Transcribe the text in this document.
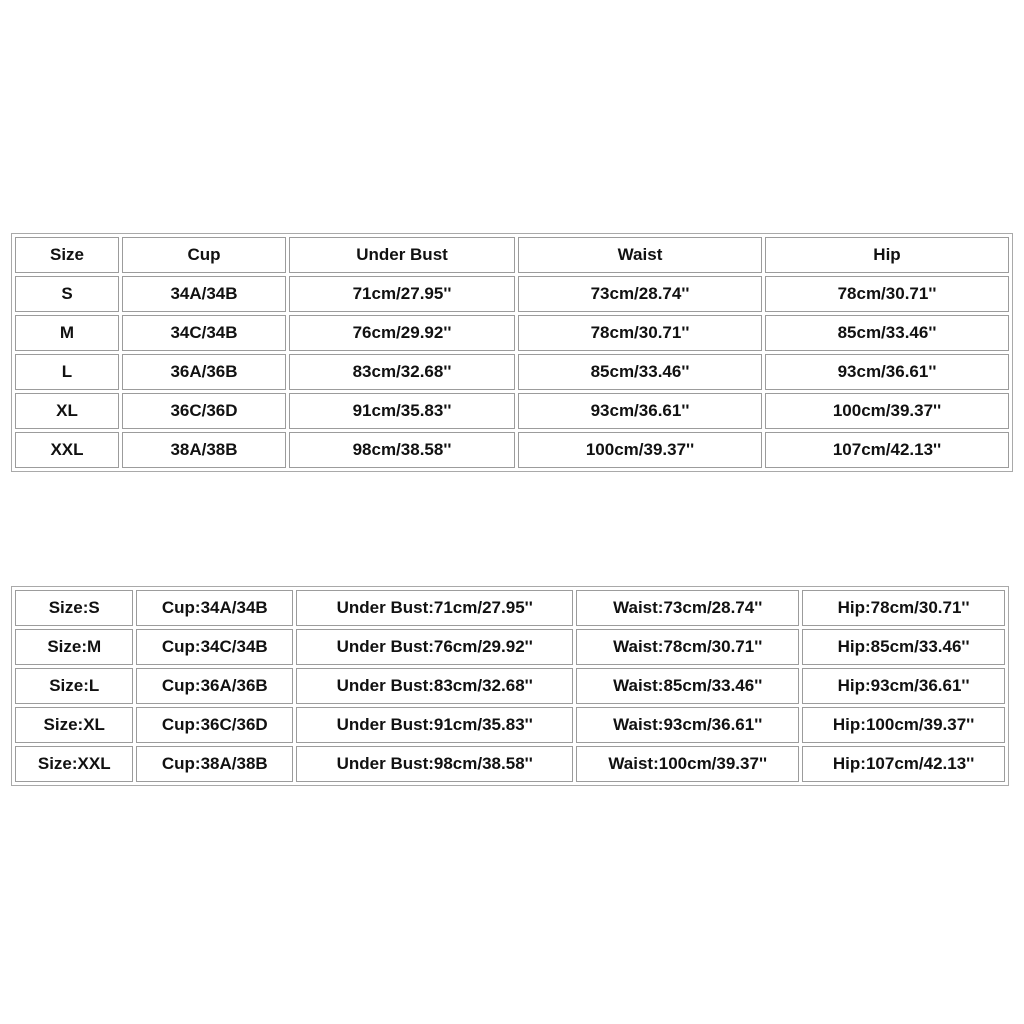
Size	Cup	Under Bust	Waist	Hip
S	34A/34B	71cm/27.95''	73cm/28.74''	78cm/30.71''
M	34C/34B	76cm/29.92''	78cm/30.71''	85cm/33.46''
L	36A/36B	83cm/32.68''	85cm/33.46''	93cm/36.61''
XL	36C/36D	91cm/35.83''	93cm/36.61''	100cm/39.37''
XXL	38A/38B	98cm/38.58''	100cm/39.37''	107cm/42.13''
Size:S	Cup:34A/34B	Under Bust:71cm/27.95''	Waist:73cm/28.74''	Hip:78cm/30.71''
Size:M	Cup:34C/34B	Under Bust:76cm/29.92''	Waist:78cm/30.71''	Hip:85cm/33.46''
Size:L	Cup:36A/36B	Under Bust:83cm/32.68''	Waist:85cm/33.46''	Hip:93cm/36.61''
Size:XL	Cup:36C/36D	Under Bust:91cm/35.83''	Waist:93cm/36.61''	Hip:100cm/39.37''
Size:XXL	Cup:38A/38B	Under Bust:98cm/38.58''	Waist:100cm/39.37''	Hip:107cm/42.13''
